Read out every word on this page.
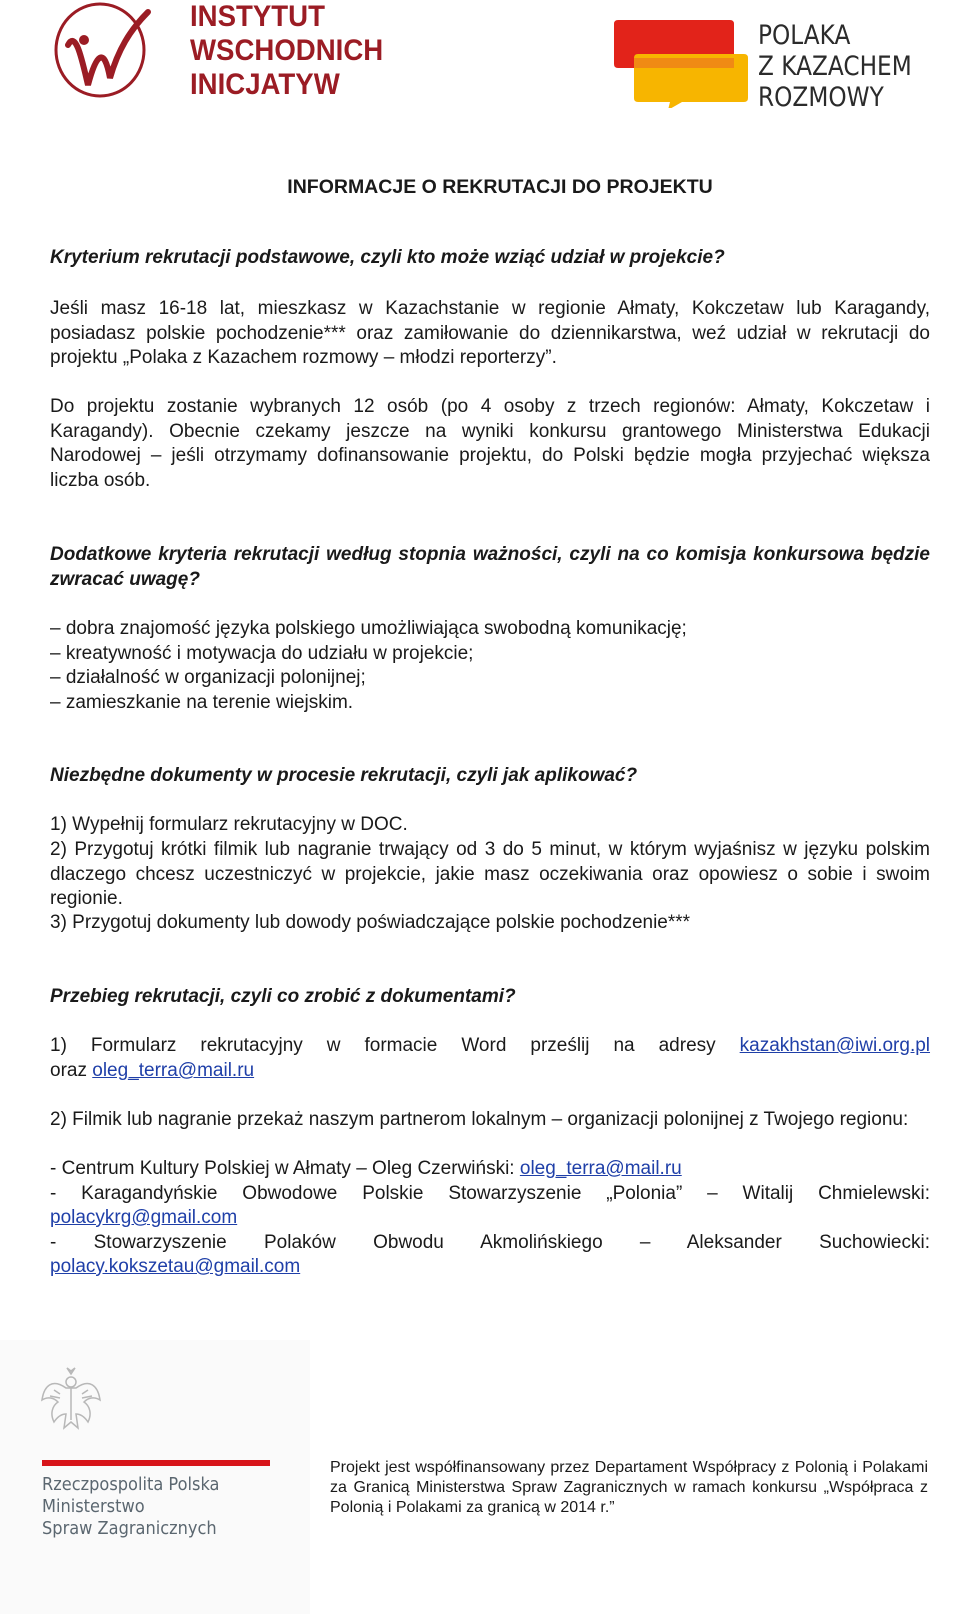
INSTYTUT
WSCHODNICH
INICJATYW
POLAKA
Z KAZACHEM
ROZMOWY
INFORMACJE O REKRUTACJI DO PROJEKTU
Kryterium rekrutacji podstawowe, czyli kto może wziąć udział w projekcie?
Jeśli masz 16-18 lat, mieszkasz w Kazachstanie w regionie Ałmaty, Kokczetaw lub Karagandy, posiadasz polskie pochodzenie*** oraz zamiłowanie do dziennikarstwa, weź udział w rekrutacji do projektu „Polaka z Kazachem rozmowy – młodzi reporterzy”.
Do projektu zostanie wybranych 12 osób (po 4 osoby z trzech regionów: Ałmaty, Kokczetaw i Karagandy). Obecnie czekamy jeszcze na wyniki konkursu grantowego Ministerstwa Edukacji Narodowej – jeśli otrzymamy dofinansowanie projektu, do Polski będzie mogła przyjechać większa liczba osób.
Dodatkowe kryteria rekrutacji według stopnia ważności, czyli na co komisja konkursowa będzie zwracać uwagę?
– dobra znajomość języka polskiego umożliwiająca swobodną komunikację;
– kreatywność i motywacja do udziału w projekcie;
– działalność w organizacji polonijnej;
– zamieszkanie na terenie wiejskim.
Niezbędne dokumenty w procesie rekrutacji, czyli jak aplikować?
1) Wypełnij formularz rekrutacyjny w DOC.
2) Przygotuj krótki filmik lub nagranie trwający od 3 do 5 minut, w którym wyjaśnisz w języku polskim dlaczego chcesz uczestniczyć w projekcie, jakie masz oczekiwania oraz opowiesz o sobie i swoim regionie.
3) Przygotuj dokumenty lub dowody poświadczające polskie pochodzenie***
Przebieg rekrutacji, czyli co zrobić z dokumentami?
1) Formularz rekrutacyjny w formacie Word prześlij na adresy kazakhstan@iwi.org.pl
oraz oleg_terra@mail.ru
2) Filmik lub nagranie przekaż naszym partnerom lokalnym – organizacji polonijnej z Twojego regionu:
- Centrum Kultury Polskiej w Ałmaty – Oleg Czerwiński: oleg_terra@mail.ru
- Karagandyńskie Obwodowe Polskie Stowarzyszenie „Polonia” – Witalij Chmielewski:
polacykrg@gmail.com
- Stowarzyszenie Polaków Obwodu Akmolińskiego – Aleksander Suchowiecki:
polacy.kokszetau@gmail.com
Rzeczpospolita Polska
Ministerstwo
Spraw Zagranicznych
Projekt jest współfinansowany przez Departament Współpracy z Polonią i Polakami za Granicą Ministerstwa Spraw Zagranicznych w ramach konkursu „Współpraca z Polonią i Polakami za granicą w 2014 r.”
